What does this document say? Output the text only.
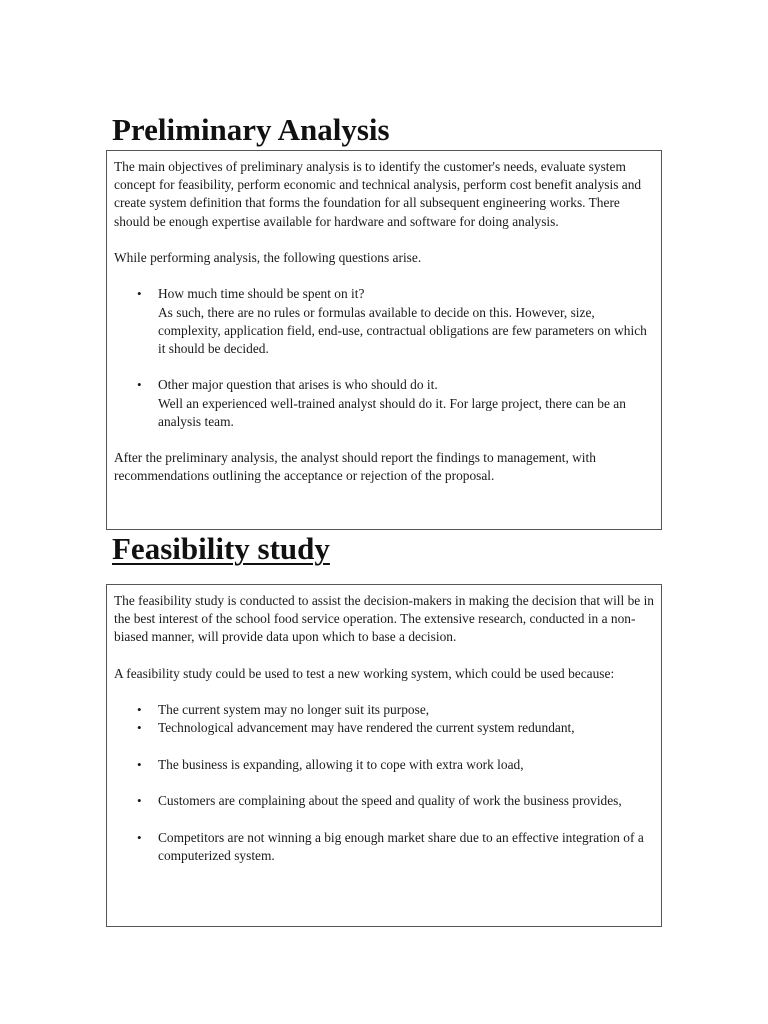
Preliminary Analysis

The main objectives of preliminary analysis is to identify the customer's needs, evaluate system concept for feasibility, perform economic and technical analysis, perform cost benefit analysis and create system definition that forms the foundation for all subsequent engineering works. There should be enough expertise available for hardware and software for doing analysis.

While performing analysis, the following questions arise.

• How much time should be spent on it?
As such, there are no rules or formulas available to decide on this. However, size, complexity, application field, end-use, contractual obligations are few parameters on which it should be decided.
• Other major question that arises is who should do it.
Well an experienced well-trained analyst should do it. For large project, there can be an analysis team.

After the preliminary analysis, the analyst should report the findings to management, with recommendations outlining the acceptance or rejection of the proposal.

Feasibility study

The feasibility study is conducted to assist the decision-makers in making the decision that will be in the best interest of the school food service operation. The extensive research, conducted in a non-biased manner, will provide data upon which to base a decision.

A feasibility study could be used to test a new working system, which could be used because:

• The current system may no longer suit its purpose,
• Technological advancement may have rendered the current system redundant,
• The business is expanding, allowing it to cope with extra work load,
• Customers are complaining about the speed and quality of work the business provides,
• Competitors are not winning a big enough market share due to an effective integration of a computerized system.
